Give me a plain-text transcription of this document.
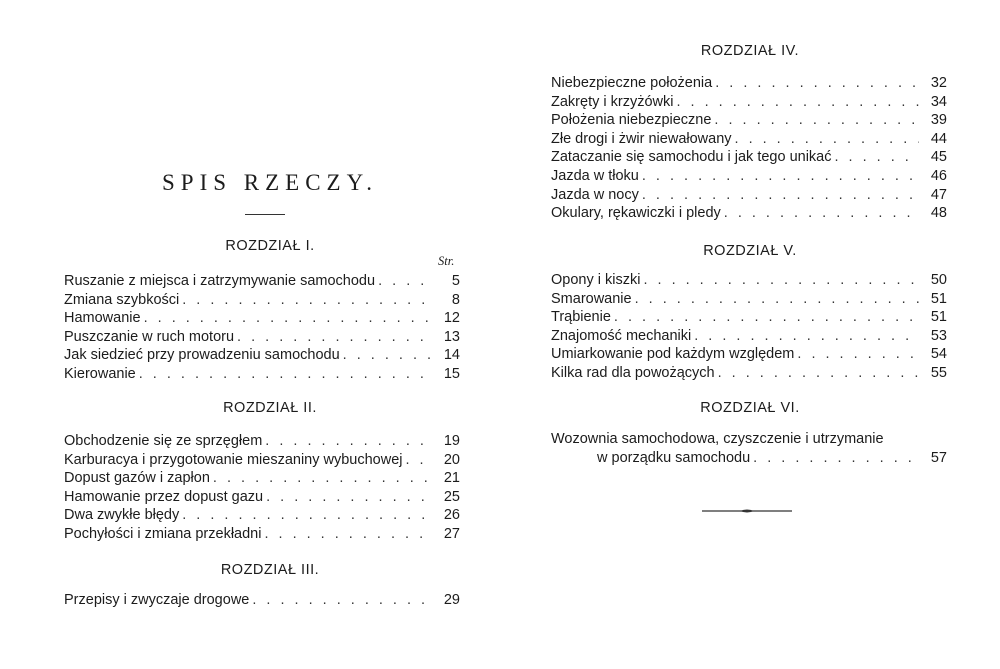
SPIS RZECZY.
ROZDZIAŁ I.
Str.
Ruszanie z miejsca i zatrzymywanie samochodu . . .	5
Zmiana szybkości . . .	8
Hamowanie . . .	12
Puszczanie w ruch motoru . . .	13
Jak siedzieć przy prowadzeniu samochodu . . .	14
Kierowanie . . .	15
ROZDZIAŁ II.
Obchodzenie się ze sprzęgłem . . .	19
Karburacya i przygotowanie mieszaniny wybuchowej . . .	20
Dopust gazów i zapłon . . .	21
Hamowanie przez dopust gazu . . .	25
Dwa zwykłe błędy . . .	26
Pochyłości i zmiana przekładni . . .	27
ROZDZIAŁ III.
Przepisy i zwyczaje drogowe . . .	29
ROZDZIAŁ IV.
Niebezpieczne położenia . . .	32
Zakręty i krzyżówki . . .	34
Położenia niebezpieczne . . .	39
Złe drogi i żwir niewałowany . . .	44
Zataczanie się samochodu i jak tego unikać . . .	45
Jazda w tłoku . . .	46
Jazda w nocy . . .	47
Okulary, rękawiczki i pledy . . .	48
ROZDZIAŁ V.
Opony i kiszki . . .	50
Smarowanie . . .	51
Trąbienie . . .	51
Znajomość mechaniki . . .	53
Umiarkowanie pod każdym względem . . .	54
Kilka rad dla powożących . . .	55
ROZDZIAŁ VI.
Wozownia samochodowa, czyszczenie i utrzymanie
w porządku samochodu . . .	57
